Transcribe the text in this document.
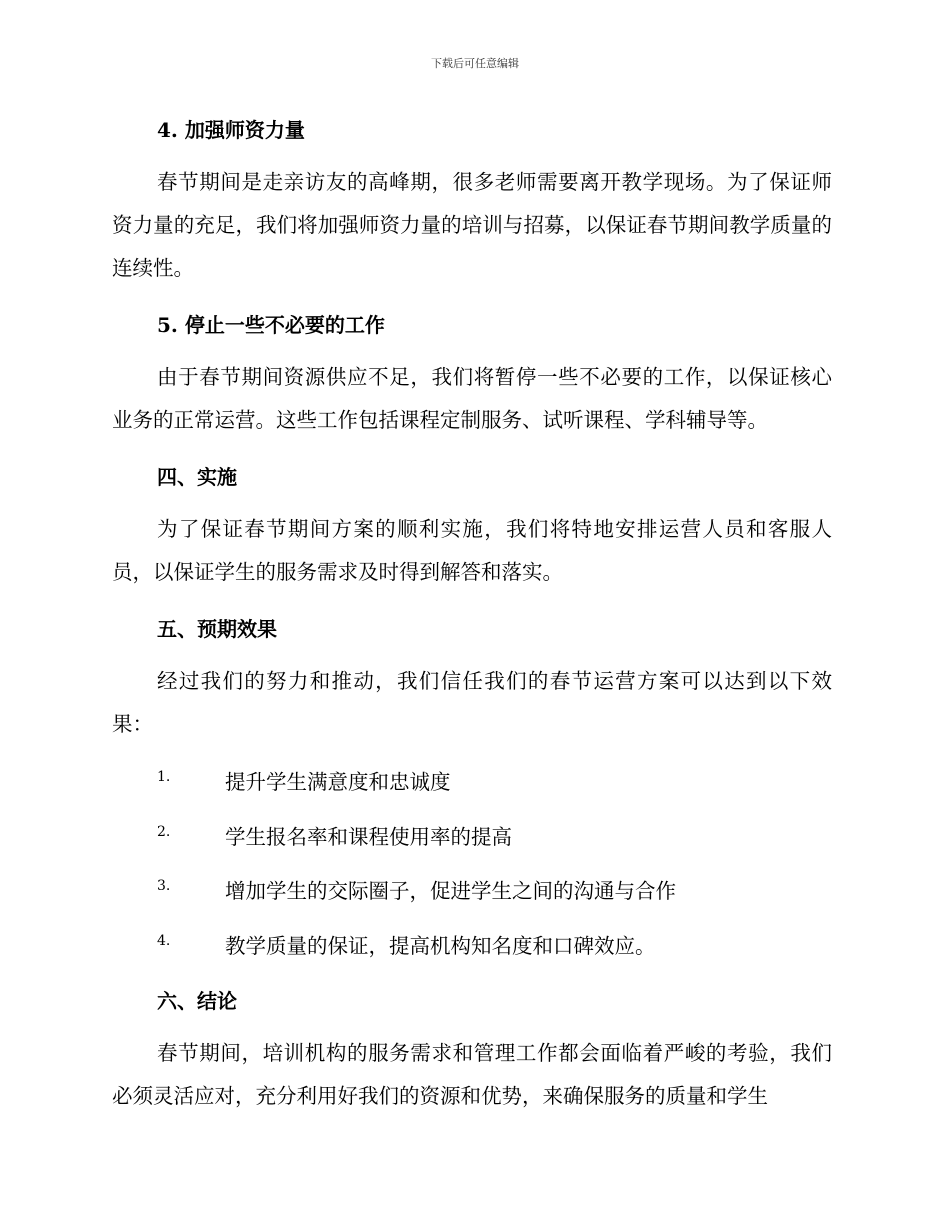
下载后可任意编辑
4. 加强师资力量
春节期间是走亲访友的高峰期，很多老师需要离开教学现场。为了保证师资力量的充足，我们将加强师资力量的培训与招募，以保证春节期间教学质量的连续性。
5. 停止一些不必要的工作
由于春节期间资源供应不足，我们将暂停一些不必要的工作，以保证核心业务的正常运营。这些工作包括课程定制服务、试听课程、学科辅导等。
四、实施
为了保证春节期间方案的顺利实施，我们将特地安排运营人员和客服人员，以保证学生的服务需求及时得到解答和落实。
五、预期效果
经过我们的努力和推动，我们信任我们的春节运营方案可以达到以下效果：
1.	提升学生满意度和忠诚度
2.	学生报名率和课程使用率的提高
3.	增加学生的交际圈子，促进学生之间的沟通与合作
4.	教学质量的保证，提高机构知名度和口碑效应。
六、结论
春节期间，培训机构的服务需求和管理工作都会面临着严峻的考验，我们必须灵活应对，充分利用好我们的资源和优势，来确保服务的质量和学生
